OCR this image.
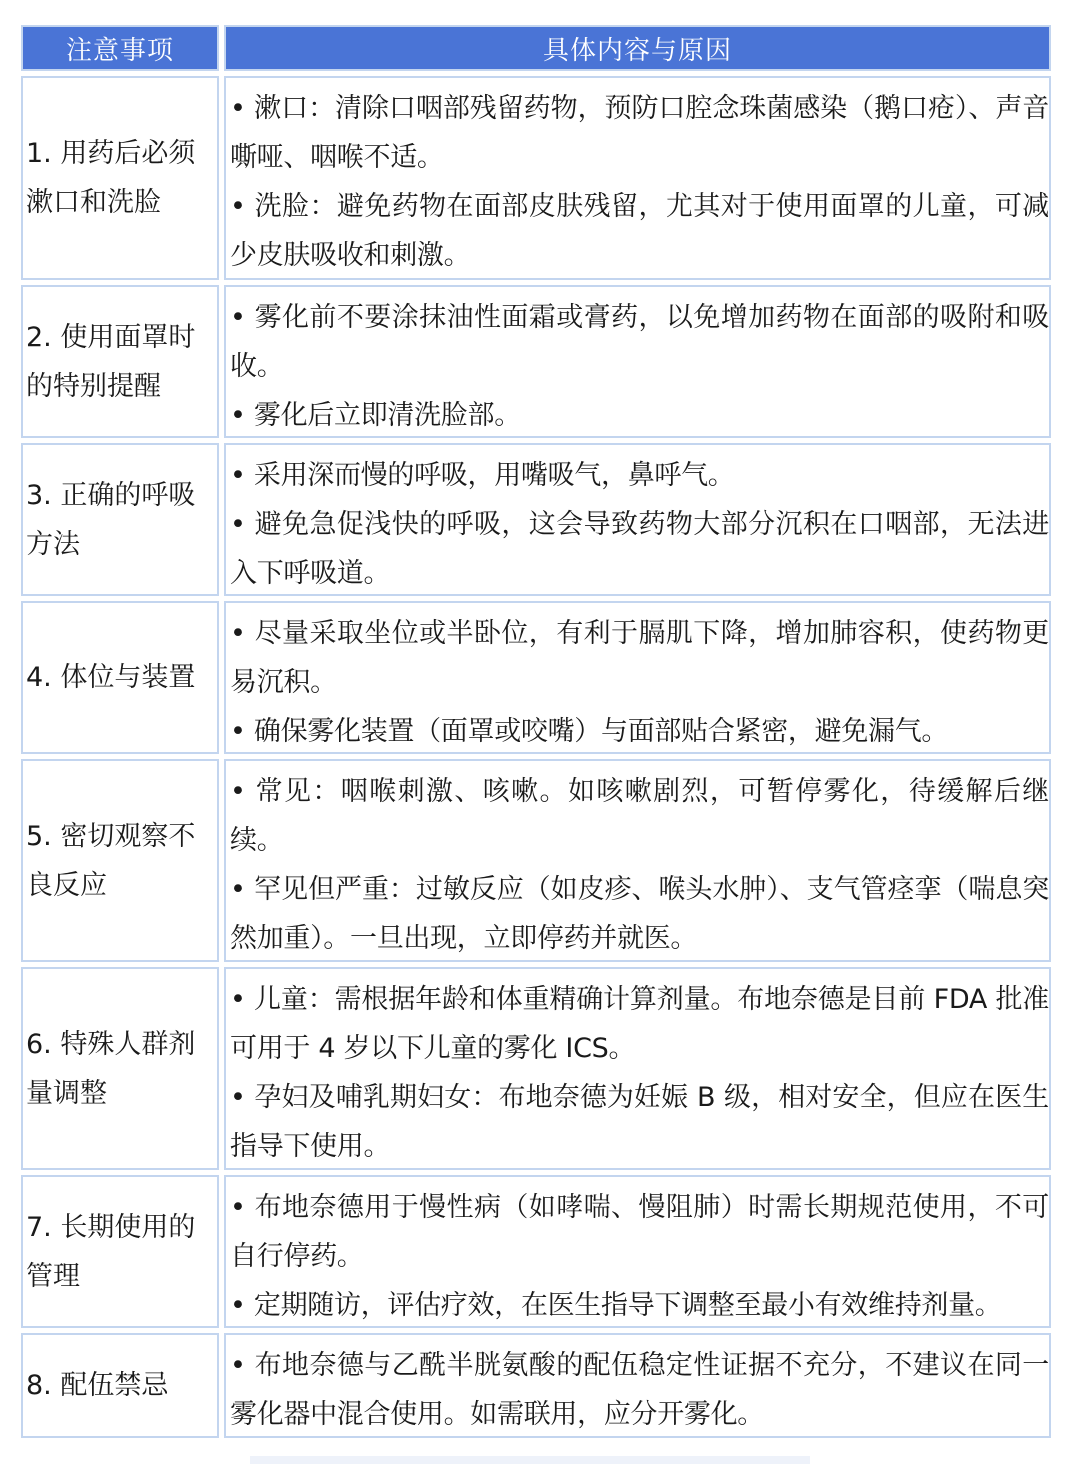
注意事项	具体内容与原因
1. 用药后必须
漱口和洗脸

• 漱口：清除口咽部残留药物，预防口腔念珠菌感染（鹅口疮）、声音嘶哑、咽喉不适。

• 洗脸：避免药物在面部皮肤残留，尤其对于使用面罩的儿童，可减少皮肤吸收和刺激。

2. 使用面罩时
的特别提醒

• 雾化前不要涂抹油性面霜或膏药，以免增加药物在面部的吸附和吸收。

• 雾化后立即清洗脸部。

3. 正确的呼吸
方法

• 采用深而慢的呼吸，用嘴吸气，鼻呼气。

• 避免急促浅快的呼吸，这会导致药物大部分沉积在口咽部，无法进入下呼吸道。

4. 体位与装置

• 尽量采取坐位或半卧位，有利于膈肌下降，增加肺容积，使药物更易沉积。

• 确保雾化装置（面罩或咬嘴）与面部贴合紧密，避免漏气。

5. 密切观察不
良反应

• 常见：咽喉刺激、咳嗽。如咳嗽剧烈，可暂停雾化，待缓解后继续。

• 罕见但严重：过敏反应（如皮疹、喉头水肿）、支气管痉挛（喘息突然加重）。一旦出现，立即停药并就医。

6. 特殊人群剂
量调整

• 儿童：需根据年龄和体重精确计算剂量。布地奈德是目前 FDA 批准可用于 4 岁以下儿童的雾化 ICS。

• 孕妇及哺乳期妇女：布地奈德为妊娠 B 级，相对安全，但应在医生指导下使用。

7. 长期使用的
管理

• 布地奈德用于慢性病（如哮喘、慢阻肺）时需长期规范使用，不可自行停药。

• 定期随访，评估疗效，在医生指导下调整至最小有效维持剂量。

8. 配伍禁忌

• 布地奈德与乙酰半胱氨酸的配伍稳定性证据不充分，不建议在同一雾化器中混合使用。如需联用，应分开雾化。
